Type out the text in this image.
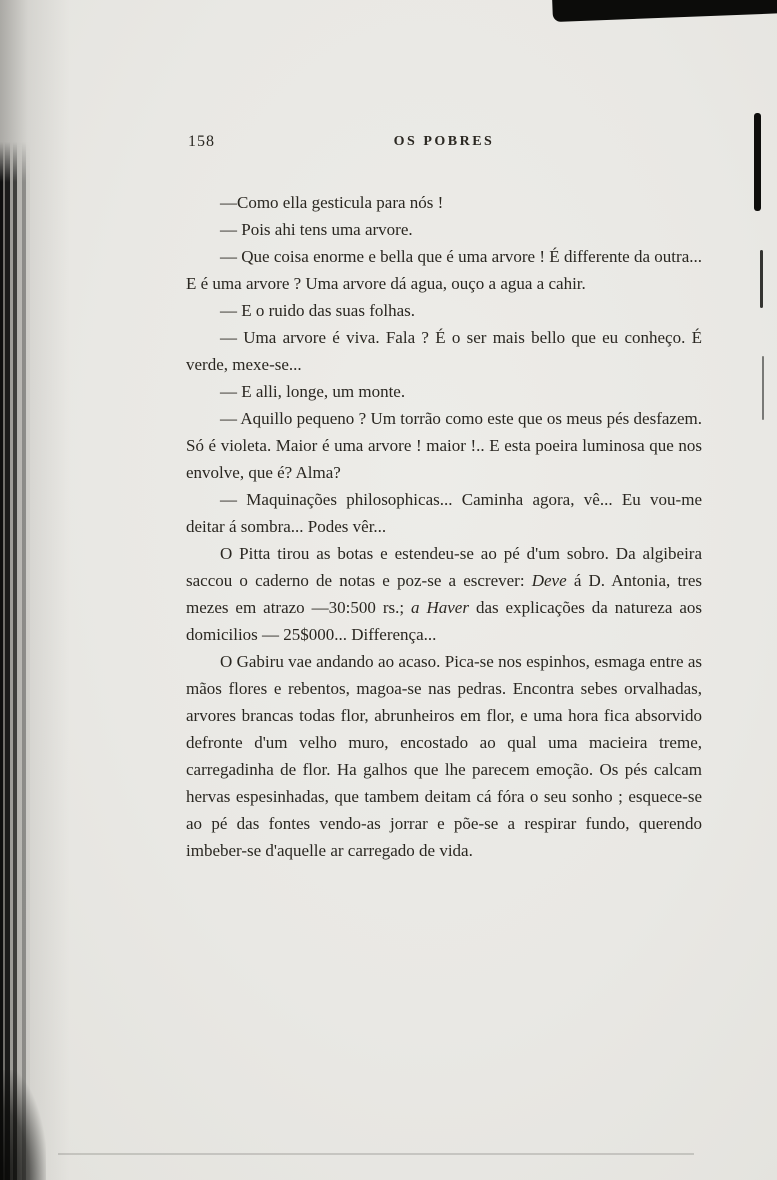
158	OS POBRES

—Como ella gesticula para nós !

— Pois ahi tens uma arvore.

— Que coisa enorme e bella que é uma arvore ! É differente da outra... E é uma arvore ? Uma arvore dá agua, ouço a agua a cahir.

— E o ruido das suas folhas.

— Uma arvore é viva. Fala ? É o ser mais bello que eu conheço. É verde, mexe-se...

— E alli, longe, um monte.

— Aquillo pequeno ? Um torrão como este que os meus pés desfazem. Só é violeta. Maior é uma arvore ! maior !.. E esta poeira luminosa que nos envolve, que é? Alma?

— Maquinações philosophicas... Caminha agora, vê... Eu vou-me deitar á sombra... Podes vêr...

O Pitta tirou as botas e estendeu-se ao pé d'um sobro. Da algibeira saccou o caderno de notas e poz-se a escrever: Deve á D. Antonia, tres mezes em atrazo —30:500 rs.; a Haver das explicações da natureza aos domicilios — 25$000... Differença...

O Gabiru vae andando ao acaso. Pica-se nos espinhos, esmaga entre as mãos flores e rebentos, magoa-se nas pedras. Encontra sebes orvalhadas, arvores brancas todas flor, abrunheiros em flor, e uma hora fica absorvido defronte d'um velho muro, encostado ao qual uma macieira treme, carregadinha de flor. Ha galhos que lhe parecem emoção. Os pés calcam hervas espesinhadas, que tambem deitam cá fóra o seu sonho ; esquece-se ao pé das fontes vendo-as jorrar e põe-se a respirar fundo, querendo imbeber-se d'aquelle ar carregado de vida.
